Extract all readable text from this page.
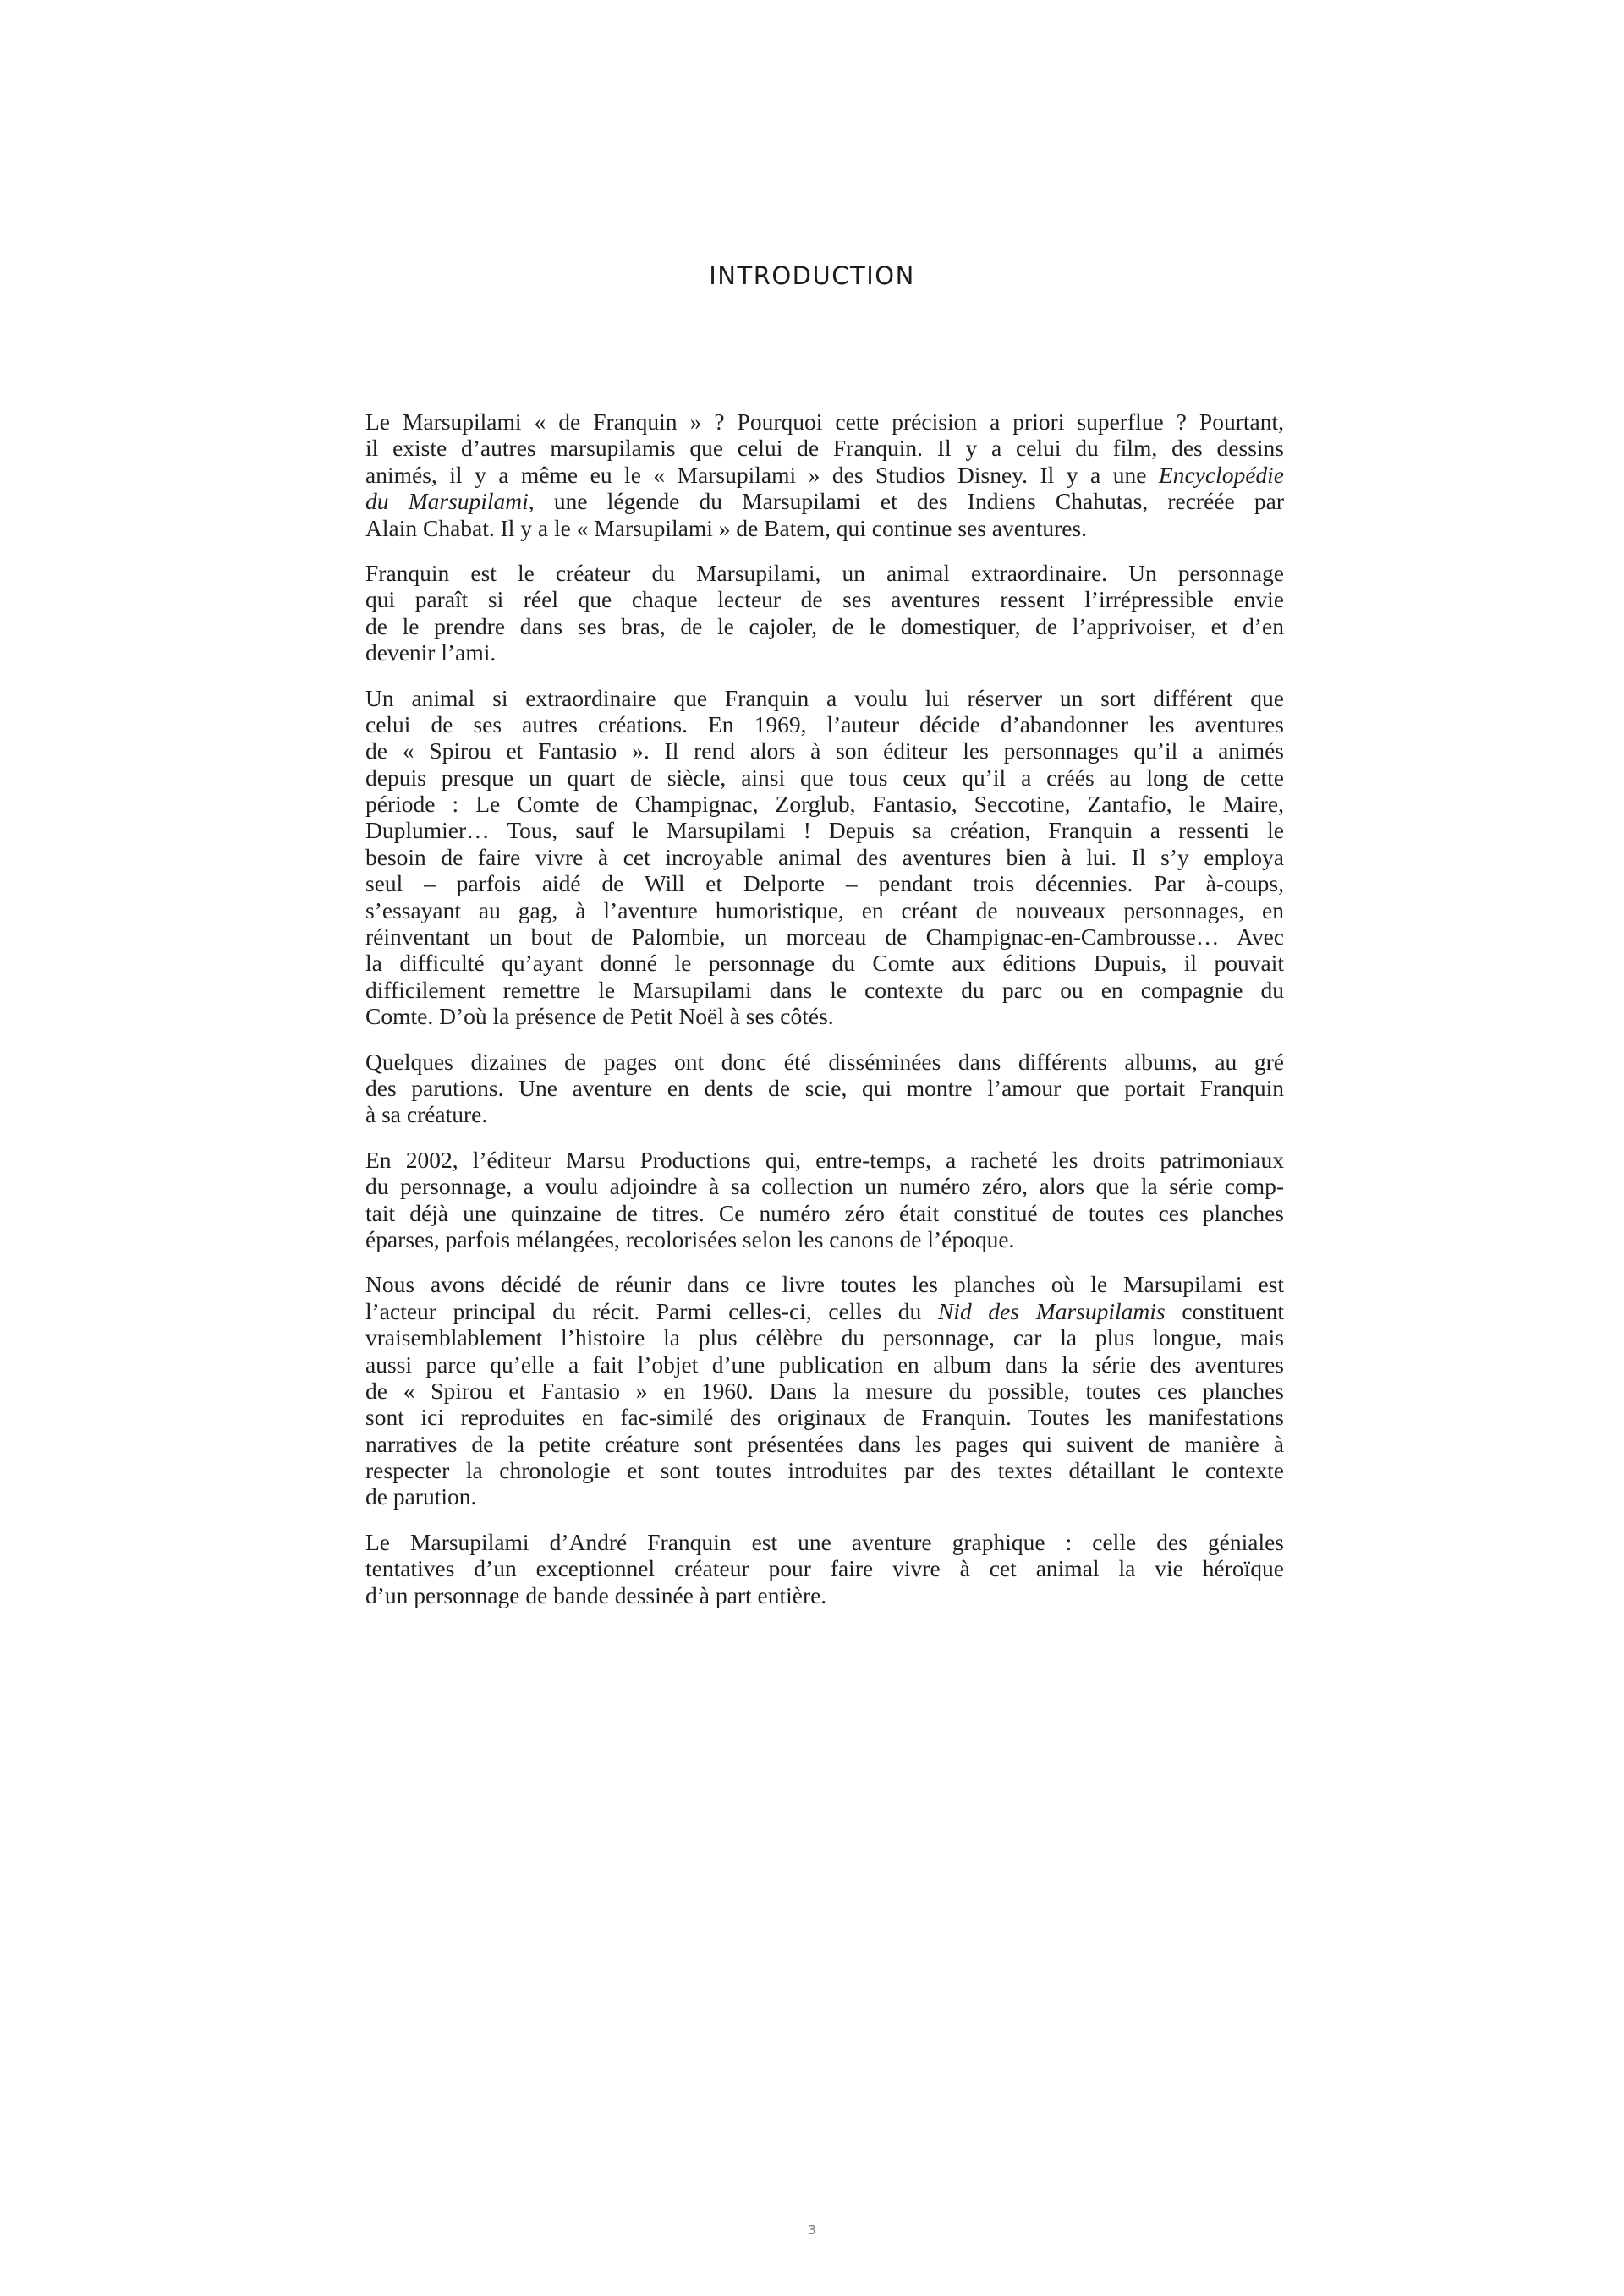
INTRODUCTION

Le Marsupilami « de Franquin » ? Pourquoi cette précision a priori superflue ? Pourtant,
il existe d’autres marsupilamis que celui de Franquin. Il y a celui du film, des dessins
animés, il y a même eu le « Marsupilami » des Studios Disney. Il y a une Encyclopédie
du Marsupilami, une légende du Marsupilami et des Indiens Chahutas, recréée par
Alain Chabat. Il y a le « Marsupilami » de Batem, qui continue ses aventures.

Franquin est le créateur du Marsupilami, un animal extraordinaire. Un personnage
qui paraît si réel que chaque lecteur de ses aventures ressent l’irrépressible envie
de le prendre dans ses bras, de le cajoler, de le domestiquer, de l’apprivoiser, et d’en
devenir l’ami.

Un animal si extraordinaire que Franquin a voulu lui réserver un sort différent que
celui de ses autres créations. En 1969, l’auteur décide d’abandonner les aventures
de « Spirou et Fantasio ». Il rend alors à son éditeur les personnages qu’il a animés
depuis presque un quart de siècle, ainsi que tous ceux qu’il a créés au long de cette
période : Le Comte de Champignac, Zorglub, Fantasio, Seccotine, Zantafio, le Maire,
Duplumier… Tous, sauf le Marsupilami ! Depuis sa création, Franquin a ressenti le
besoin de faire vivre à cet incroyable animal des aventures bien à lui. Il s’y employa
seul – parfois aidé de Will et Delporte – pendant trois décennies. Par à-coups,
s’essayant au gag, à l’aventure humoristique, en créant de nouveaux personnages, en
réinventant un bout de Palombie, un morceau de Champignac-en-Cambrousse… Avec
la difficulté qu’ayant donné le personnage du Comte aux éditions Dupuis, il pouvait
difficilement remettre le Marsupilami dans le contexte du parc ou en compagnie du
Comte. D’où la présence de Petit Noël à ses côtés.

Quelques dizaines de pages ont donc été disséminées dans différents albums, au gré
des parutions. Une aventure en dents de scie, qui montre l’amour que portait Franquin
à sa créature.

En 2002, l’éditeur Marsu Productions qui, entre-temps, a racheté les droits patrimoniaux
du personnage, a voulu adjoindre à sa collection un numéro zéro, alors que la série comp-
tait déjà une quinzaine de titres. Ce numéro zéro était constitué de toutes ces planches
éparses, parfois mélangées, recolorisées selon les canons de l’époque.

Nous avons décidé de réunir dans ce livre toutes les planches où le Marsupilami est
l’acteur principal du récit. Parmi celles-ci, celles du Nid des Marsupilamis constituent
vraisemblablement l’histoire la plus célèbre du personnage, car la plus longue, mais
aussi parce qu’elle a fait l’objet d’une publication en album dans la série des aventures
de « Spirou et Fantasio » en 1960. Dans la mesure du possible, toutes ces planches
sont ici reproduites en fac-similé des originaux de Franquin. Toutes les manifestations
narratives de la petite créature sont présentées dans les pages qui suivent de manière à
respecter la chronologie et sont toutes introduites par des textes détaillant le contexte
de parution.

Le Marsupilami d’André Franquin est une aventure graphique : celle des géniales
tentatives d’un exceptionnel créateur pour faire vivre à cet animal la vie héroïque
d’un personnage de bande dessinée à part entière.

3
